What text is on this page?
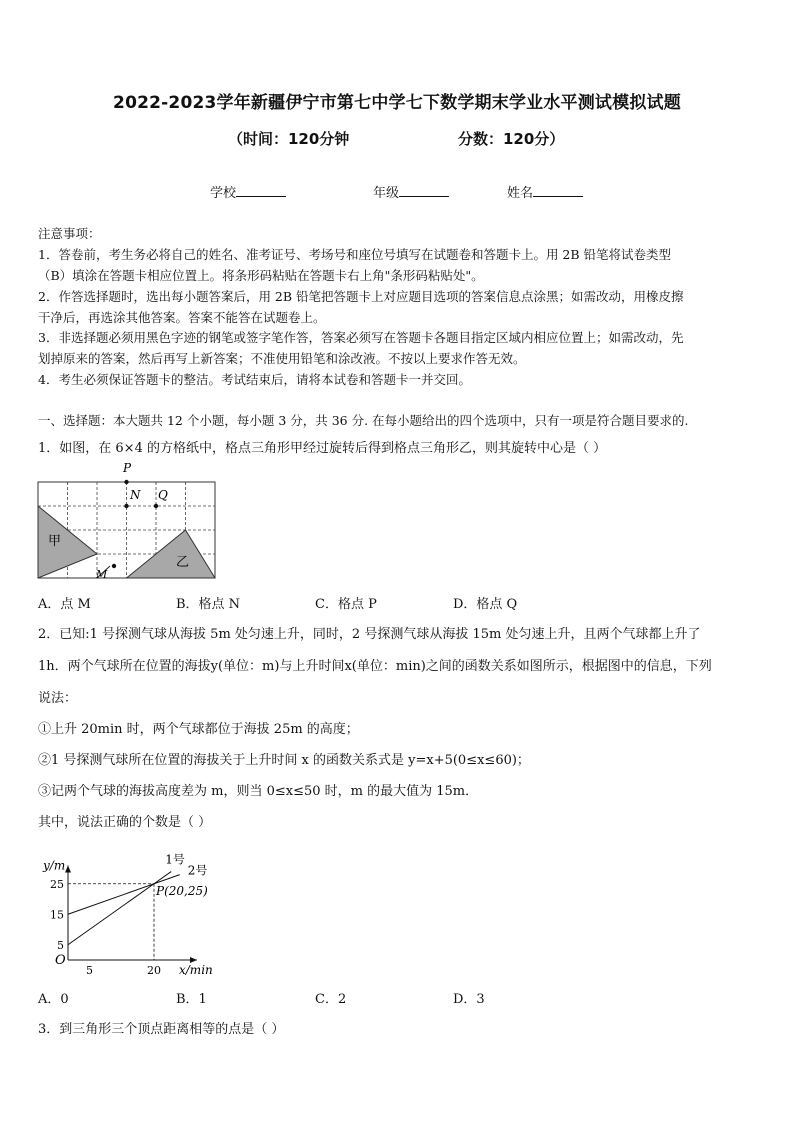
2022-2023学年新疆伊宁市第七中学七下数学期末学业水平测试模拟试题
（时间：120分钟	分数：120分）
学校	年级	姓名
注意事项：
1．答卷前，考生务必将自己的姓名、准考证号、考场号和座位号填写在试题卷和答题卡上。用 2B 铅笔将试卷类型
（B）填涂在答题卡相应位置上。将条形码粘贴在答题卡右上角"条形码粘贴处"。
2．作答选择题时，选出每小题答案后，用 2B 铅笔把答题卡上对应题目选项的答案信息点涂黑；如需改动，用橡皮擦
干净后，再选涂其他答案。答案不能答在试题卷上。
3．非选择题必须用黑色字迹的钢笔或签字笔作答，答案必须写在答题卡各题目指定区域内相应位置上；如需改动，先
划掉原来的答案，然后再写上新答案；不准使用铅笔和涂改液。不按以上要求作答无效。
4．考生必须保证答题卡的整洁。考试结束后，请将本试卷和答题卡一并交回。
一、选择题：本大题共 12 个小题，每小题 3 分，共 36 分. 在每小题给出的四个选项中，只有一项是符合题目要求的.
1．如图，在 6×4 的方格纸中，格点三角形甲经过旋转后得到格点三角形乙，则其旋转中心是（ ）
P
N Q
M
甲
乙
A．点 M	B．格点 N	C．格点 P	D．格点 Q
2．已知:1 号探测气球从海拔 5m 处匀速上升，同时，2 号探测气球从海拔 15m 处匀速上升，且两个气球都上升了
1h．两个气球所在位置的海拔y(单位：m)与上升时间x(单位：min)之间的函数关系如图所示，根据图中的信息，下列
说法：
①上升 20min 时，两个气球都位于海拔 25m 的高度；
②1 号探测气球所在位置的海拔关于上升时间 x 的函数关系式是 y=x+5(0≤x≤60)；
③记两个气球的海拔高度差为 m，则当 0≤x≤50 时，m 的最大值为 15m．
其中，说法正确的个数是（ ）
1号
2号
P(20,25)
5
15
25
5	20
O
y/m
x/min
A．0	B．1	C．2	D．3
3．到三角形三个顶点距离相等的点是（ ）
